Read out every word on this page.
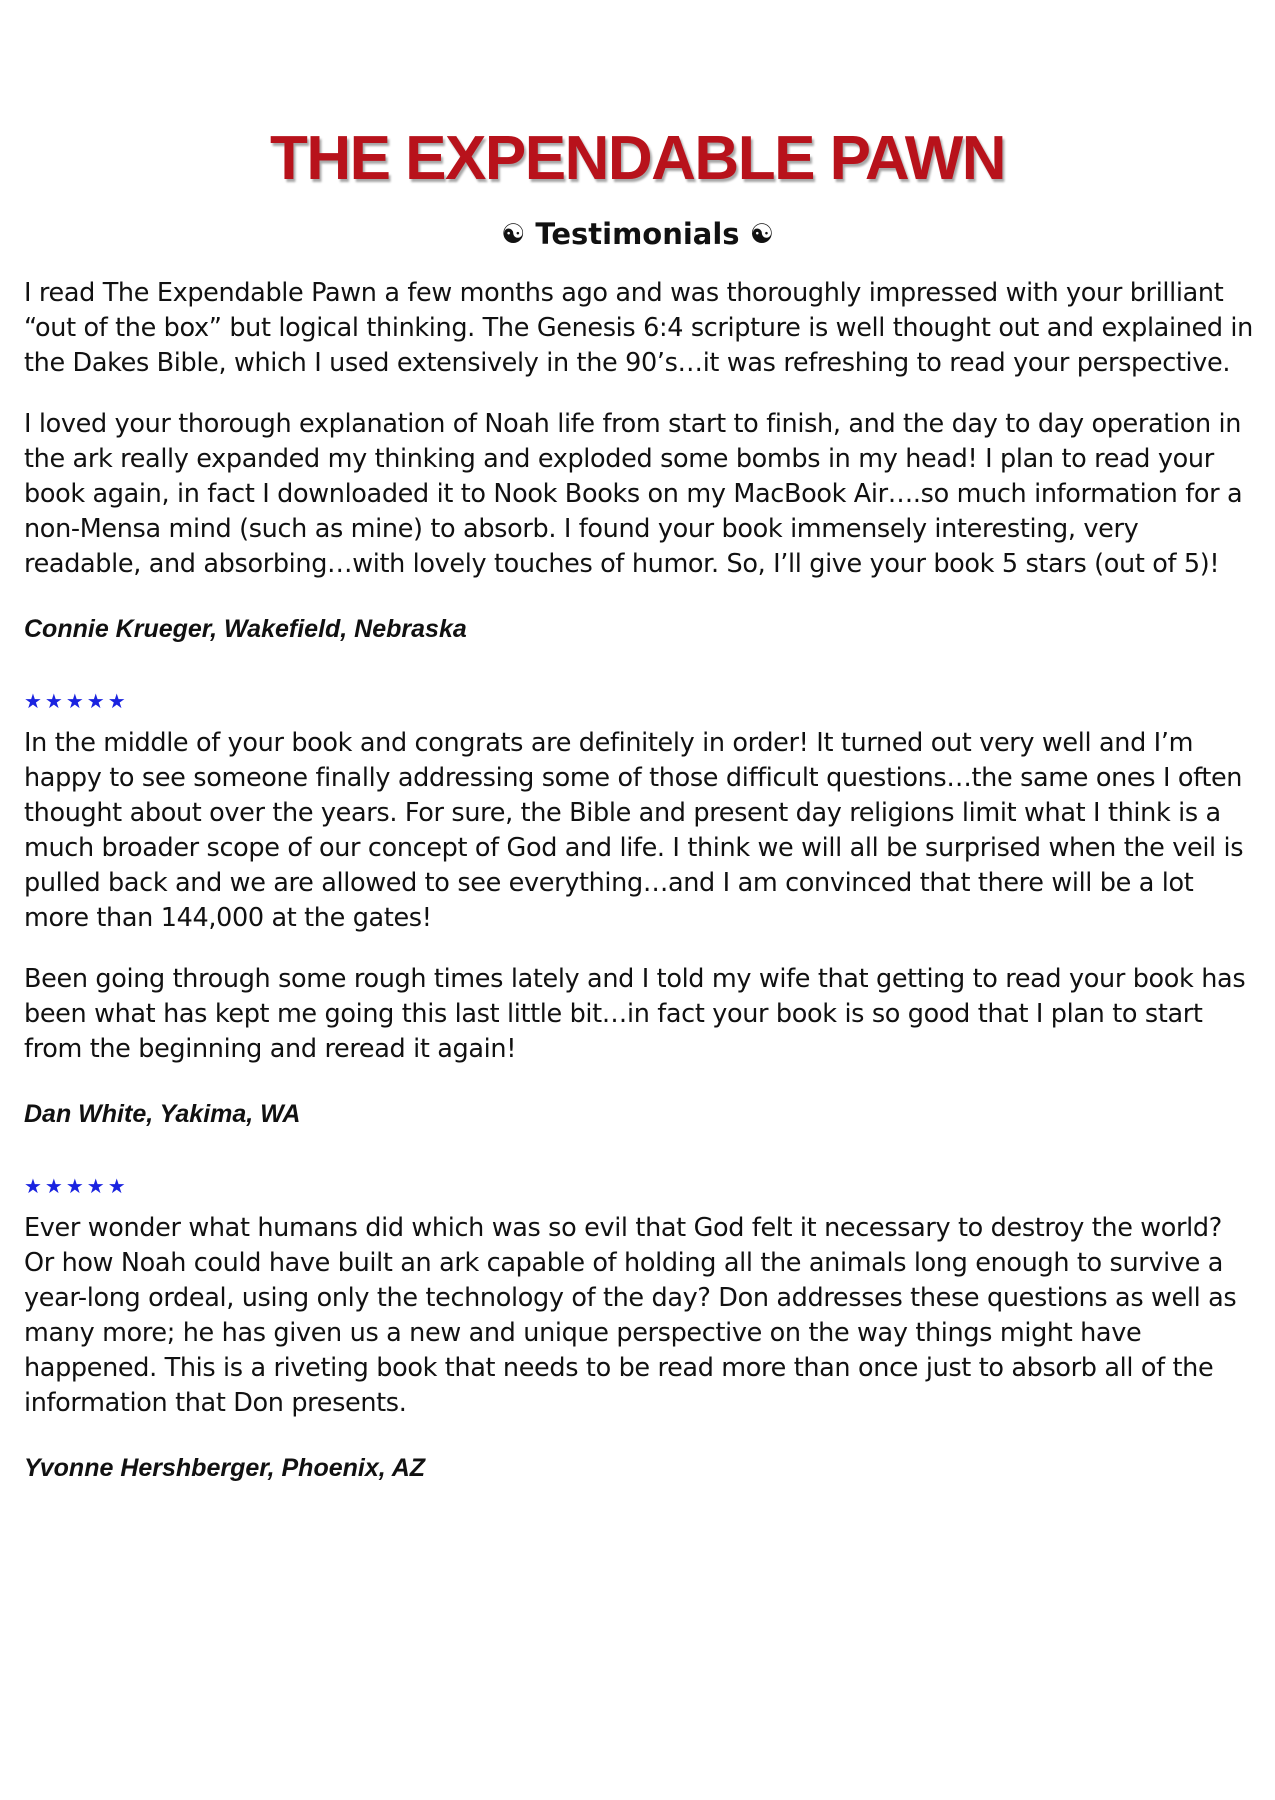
THE EXPENDABLE PAWN
☯ Testimonials ☯

I read The Expendable Pawn a few months ago and was thoroughly impressed with your brilliant “out of the box” but logical thinking. The Genesis 6:4 scripture is well thought out and explained in the Dakes Bible, which I used extensively in the 90’s…it was refreshing to read your perspective.

I loved your thorough explanation of Noah life from start to finish, and the day to day operation in the ark really expanded my thinking and exploded some bombs in my head! I plan to read your book again, in fact I downloaded it to Nook Books on my MacBook Air….so much information for a non-Mensa mind (such as mine) to absorb. I found your book immensely interesting, very readable, and absorbing…with lovely touches of humor. So, I’ll give your book 5 stars (out of 5)!

Connie Krueger, Wakefield, Nebraska

★★★★★

In the middle of your book and congrats are definitely in order! It turned out very well and I’m happy to see someone finally addressing some of those difficult questions…the same ones I often thought about over the years. For sure, the Bible and present day religions limit what I think is a much broader scope of our concept of God and life. I think we will all be surprised when the veil is pulled back and we are allowed to see everything…and I am convinced that there will be a lot more than 144,000 at the gates!

Been going through some rough times lately and I told my wife that getting to read your book has been what has kept me going this last little bit…in fact your book is so good that I plan to start from the beginning and reread it again!

Dan White, Yakima, WA

★★★★★

Ever wonder what humans did which was so evil that God felt it necessary to destroy the world? Or how Noah could have built an ark capable of holding all the animals long enough to survive a year-long ordeal, using only the technology of the day? Don addresses these questions as well as many more; he has given us a new and unique perspective on the way things might have happened. This is a riveting book that needs to be read more than once just to absorb all of the information that Don presents.

Yvonne Hershberger, Phoenix, AZ
